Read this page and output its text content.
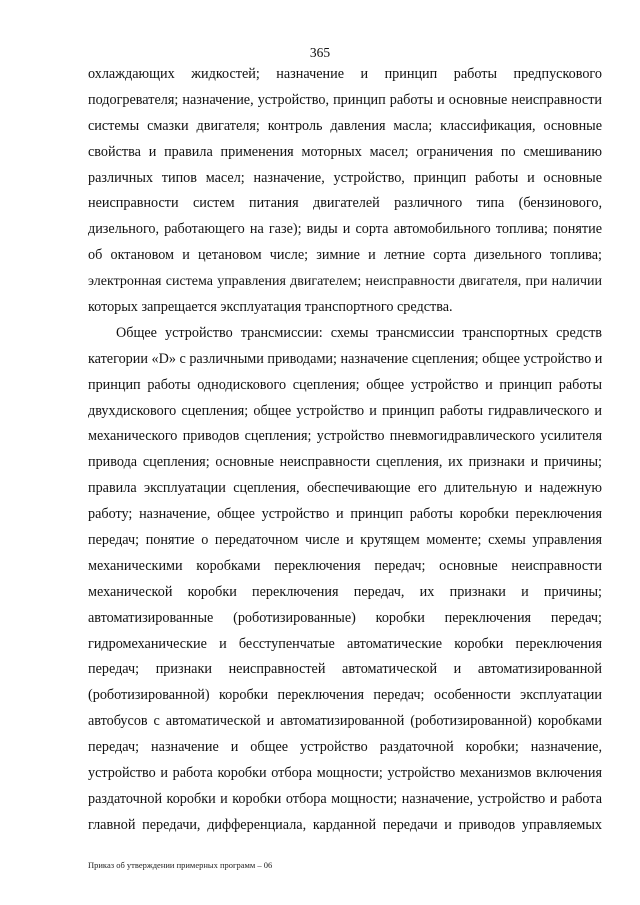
365
охлаждающих жидкостей; назначение и принцип работы предпускового
подогревателя; назначение, устройство, принцип работы и основные неисправности
системы смазки двигателя; контроль давления масла; классификация, основные
свойства и правила применения моторных масел; ограничения по смешиванию
различных типов масел; назначение, устройство, принцип работы и основные
неисправности систем питания двигателей различного типа (бензинового,
дизельного, работающего на газе); виды и сорта автомобильного топлива; понятие
об октановом и цетановом числе; зимние и летние сорта дизельного топлива;
электронная система управления двигателем; неисправности двигателя, при наличии
которых запрещается эксплуатация транспортного средства.
Общее устройство трансмиссии: схемы трансмиссии транспортных средств
категории «D» с различными приводами; назначение сцепления; общее устройство и
принцип работы однодискового сцепления; общее устройство и принцип работы
двухдискового сцепления; общее устройство и принцип работы гидравлического и
механического приводов сцепления; устройство пневмогидравлического усилителя
привода сцепления; основные неисправности сцепления, их признаки и причины;
правила эксплуатации сцепления, обеспечивающие его длительную и надежную
работу; назначение, общее устройство и принцип работы коробки переключения
передач; понятие о передаточном числе и крутящем моменте; схемы управления
механическими коробками переключения передач; основные неисправности
механической коробки переключения передач, их признаки и причины;
автоматизированные (роботизированные) коробки переключения передач;
гидромеханические и бесступенчатые автоматические коробки переключения
передач; признаки неисправностей автоматической и автоматизированной
(роботизированной) коробки переключения передач; особенности эксплуатации
автобусов с автоматической и автоматизированной (роботизированной) коробками
передач; назначение и общее устройство раздаточной коробки; назначение,
устройство и работа коробки отбора мощности; устройство механизмов включения
раздаточной коробки и коробки отбора мощности; назначение, устройство и работа
главной передачи, дифференциала, карданной передачи и приводов управляемых
Приказ об утверждении примерных программ – 06
